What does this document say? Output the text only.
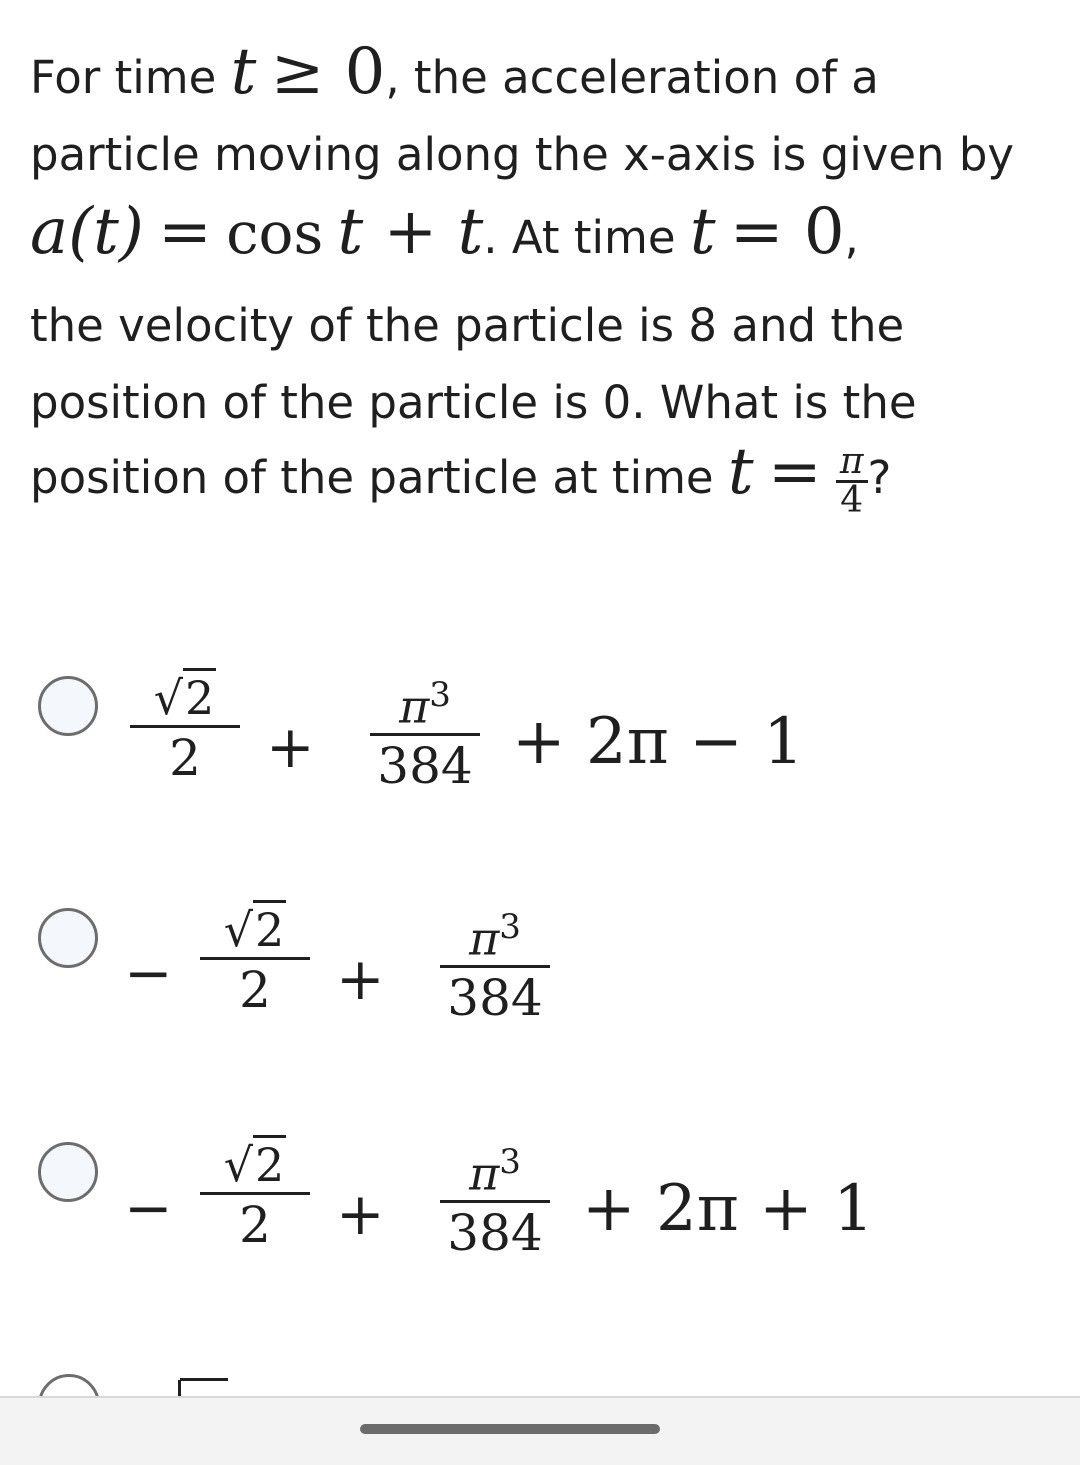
For time t ≥ 0, the acceleration of a
particle moving along the x-axis is given by
a(t) = cos t + t. At time t = 0,
the velocity of the particle is 8 and the
position of the particle is 0. What is the
position of the particle at time $t = \frac{\pi}{4}$ ?
√2
2	+
$\pi^3$
384 + 2π − 1
−
√2
2	+
$\pi^3$
384
−
√2
2	+
$\pi^3$
384 + 2π + 1
